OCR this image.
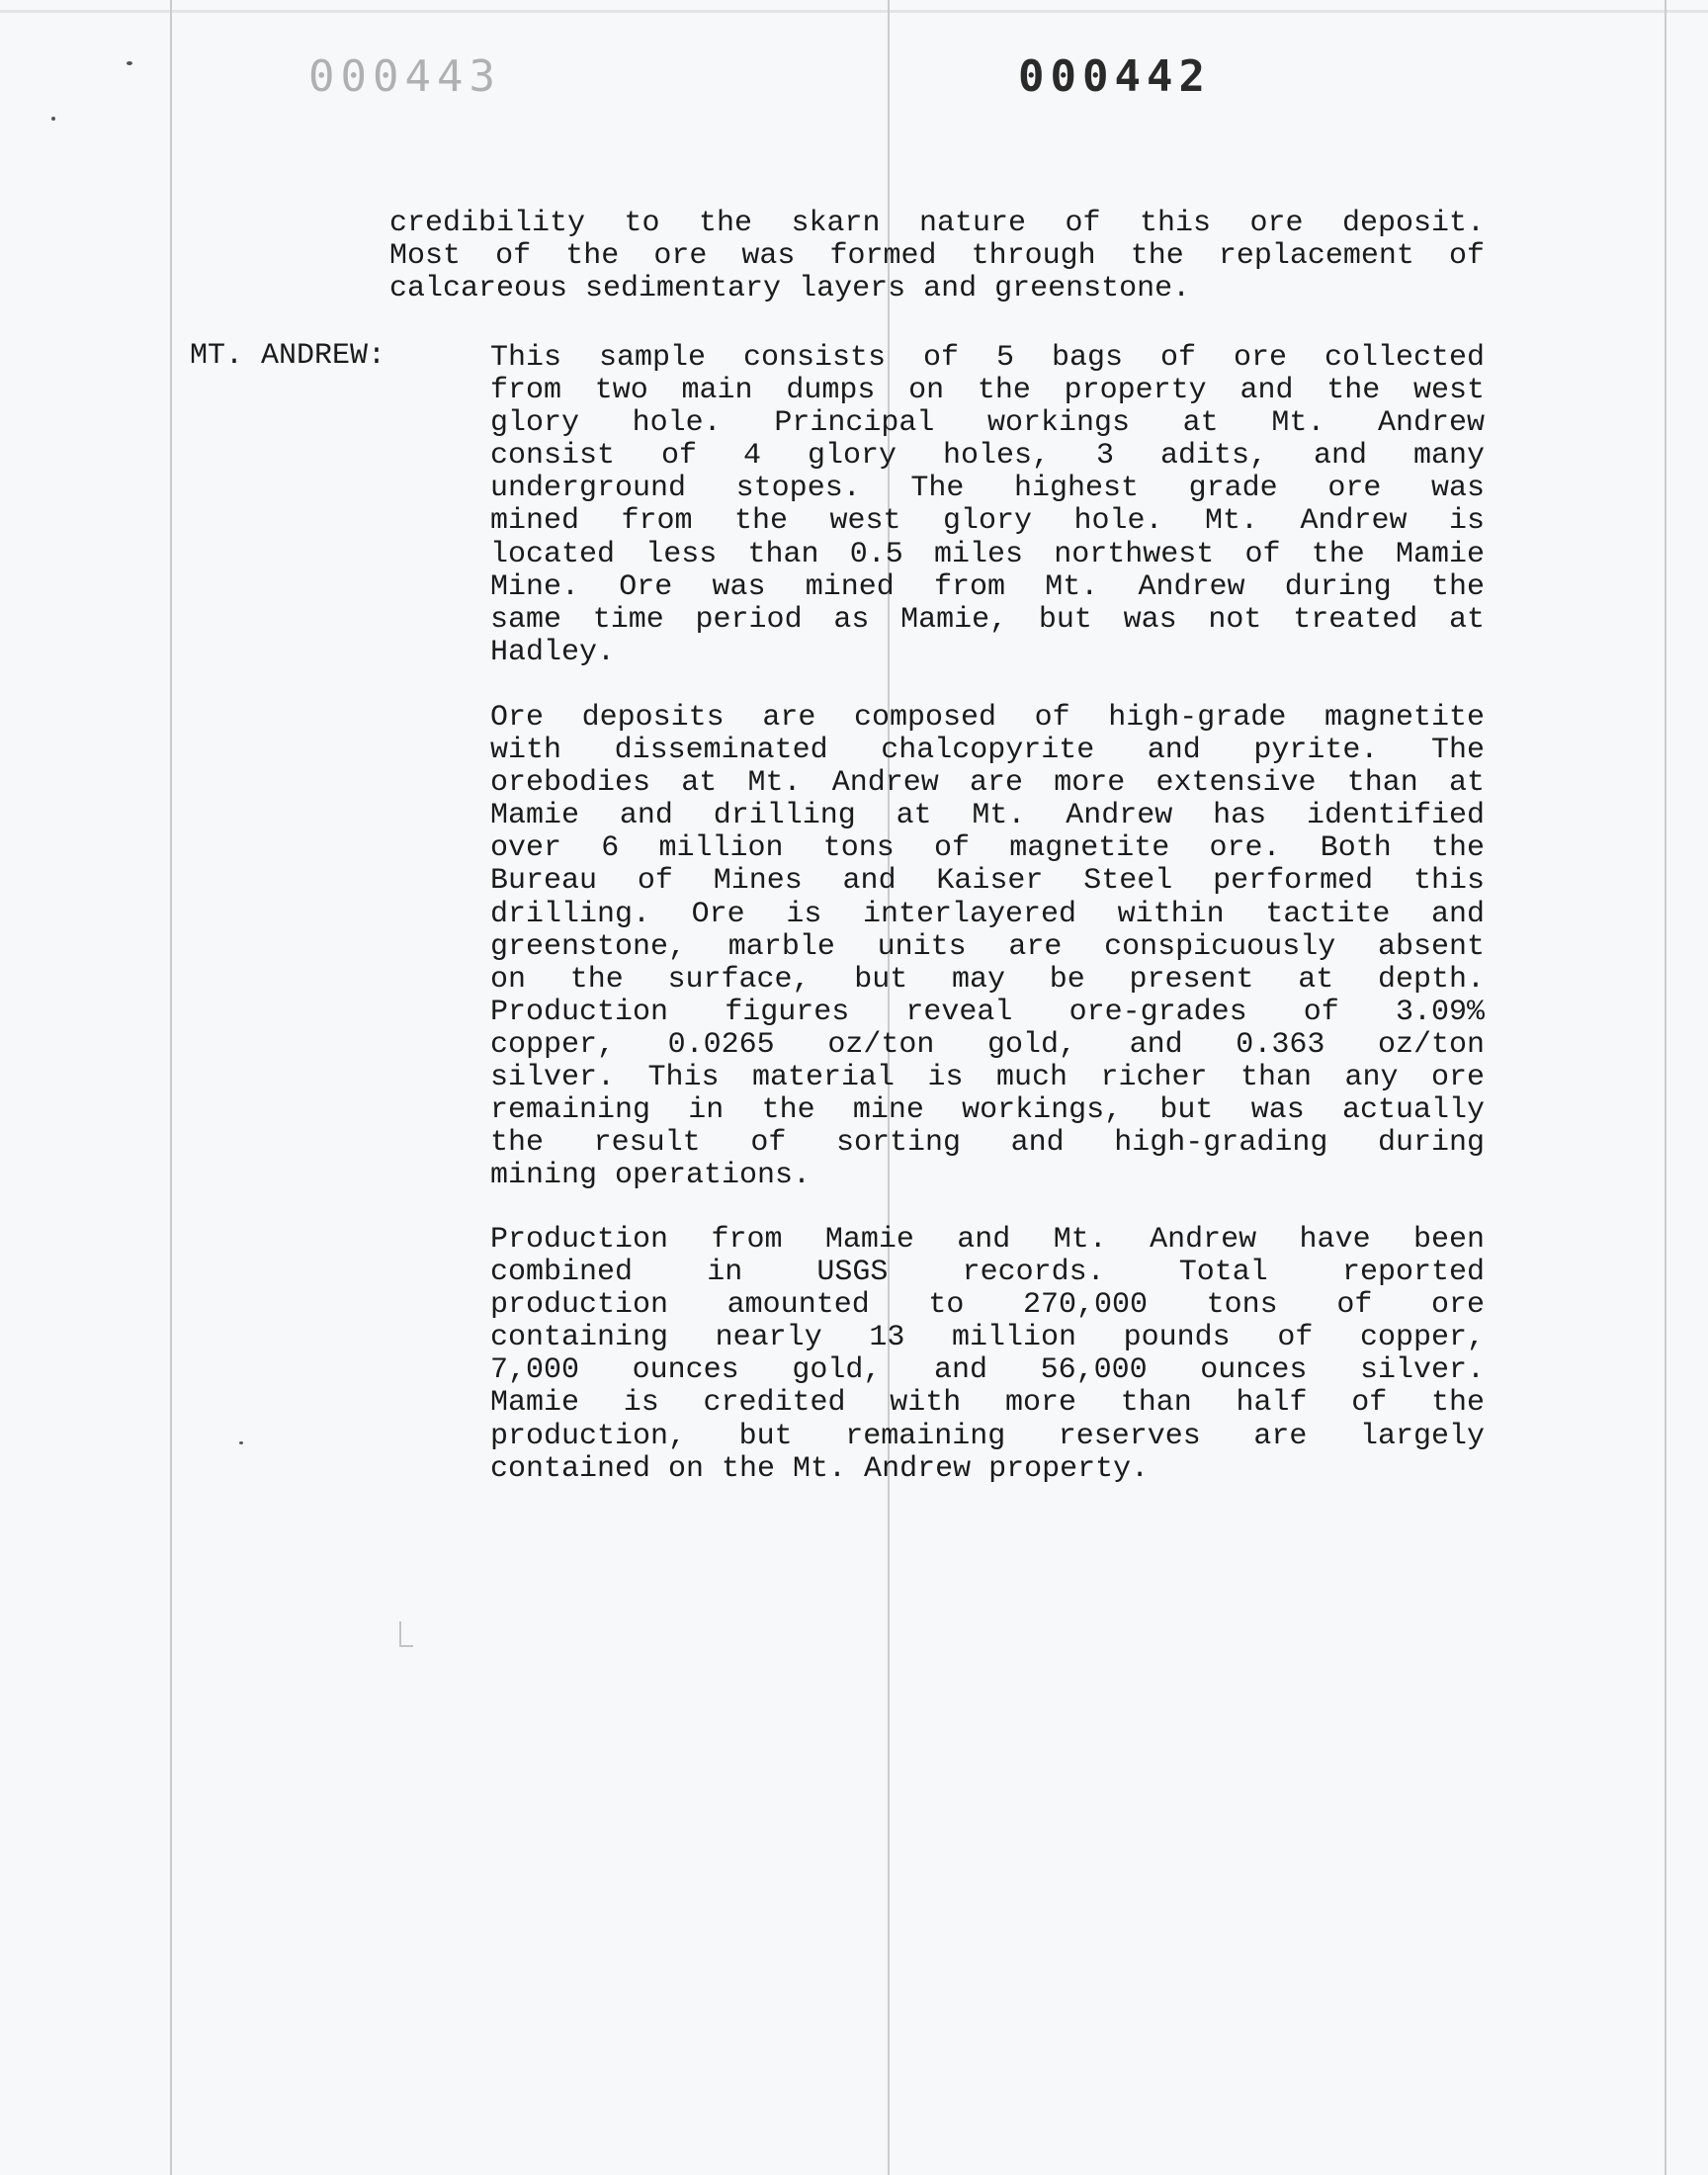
000443	000442
credibility to the skarn nature of this ore deposit.
Most of the ore was formed through the replacement of
calcareous sedimentary layers and greenstone.
MT. ANDREW:	This sample consists of 5 bags of ore collected
from two main dumps on the property and the west
glory hole. Principal workings at Mt. Andrew
consist of 4 glory holes, 3 adits, and many
underground stopes. The highest grade ore was
mined from the west glory hole. Mt. Andrew is
located less than 0.5 miles northwest of the Mamie
Mine. Ore was mined from Mt. Andrew during the
same time period as Mamie, but was not treated at
Hadley.
Ore deposits are composed of high-grade magnetite
with disseminated chalcopyrite and pyrite. The
orebodies at Mt. Andrew are more extensive than at
Mamie and drilling at Mt. Andrew has identified
over 6 million tons of magnetite ore. Both the
Bureau of Mines and Kaiser Steel performed this
drilling. Ore is interlayered within tactite and
greenstone, marble units are conspicuously absent
on the surface, but may be present at depth.
Production figures reveal ore-grades of 3.09%
copper, 0.0265 oz/ton gold, and 0.363 oz/ton
silver. This material is much richer than any ore
remaining in the mine workings, but was actually
the result of sorting and high-grading during
mining operations.
Production from Mamie and Mt. Andrew have been
combined in USGS records. Total reported
production amounted to 270,000 tons of ore
containing nearly 13 million pounds of copper,
7,000 ounces gold, and 56,000 ounces silver.
Mamie is credited with more than half of the
production, but remaining reserves are largely
contained on the Mt. Andrew property.
